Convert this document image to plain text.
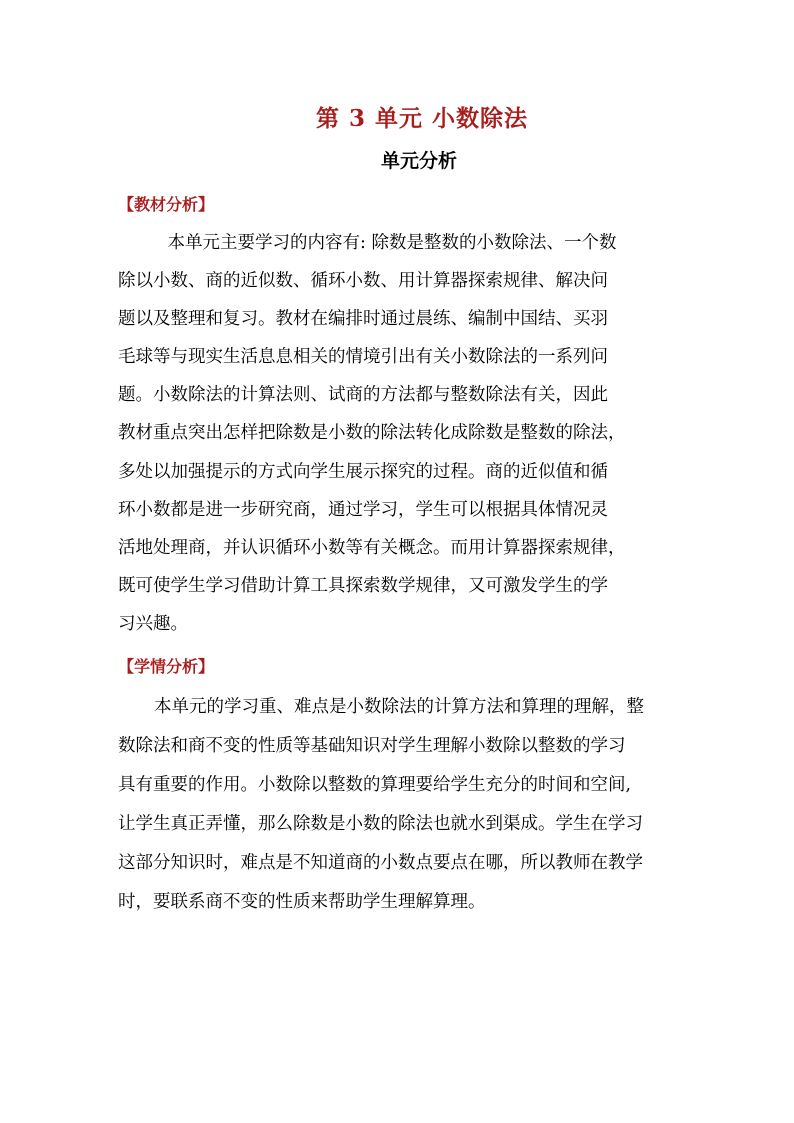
第 3 单元 小数除法
单元分析
【教材分析】
　本单元主要学习的内容有: 除数是整数的小数除法、一个数
除以小数、商的近似数、循环小数、用计算器探索规律、解决问
题以及整理和复习。教材在编排时通过晨练、编制中国结、买羽
毛球等与现实生活息息相关的情境引出有关小数除法的一系列问
题。小数除法的计算法则、试商的方法都与整数除法有关，因此
教材重点突出怎样把除数是小数的除法转化成除数是整数的除法，
多处以加强提示的方式向学生展示探究的过程。商的近似值和循
环小数都是进一步研究商，通过学习，学生可以根据具体情况灵
活地处理商，并认识循环小数等有关概念。而用计算器探索规律，
既可使学生学习借助计算工具探索数学规律，又可激发学生的学
习兴趣。
【学情分析】
本单元的学习重、难点是小数除法的计算方法和算理的理解，整
数除法和商不变的性质等基础知识对学生理解小数除以整数的学习
具有重要的作用。小数除以整数的算理要给学生充分的时间和空间,
让学生真正弄懂，那么除数是小数的除法也就水到渠成。学生在学习
这部分知识时，难点是不知道商的小数点要点在哪，所以教师在教学
时，要联系商不变的性质来帮助学生理解算理。
